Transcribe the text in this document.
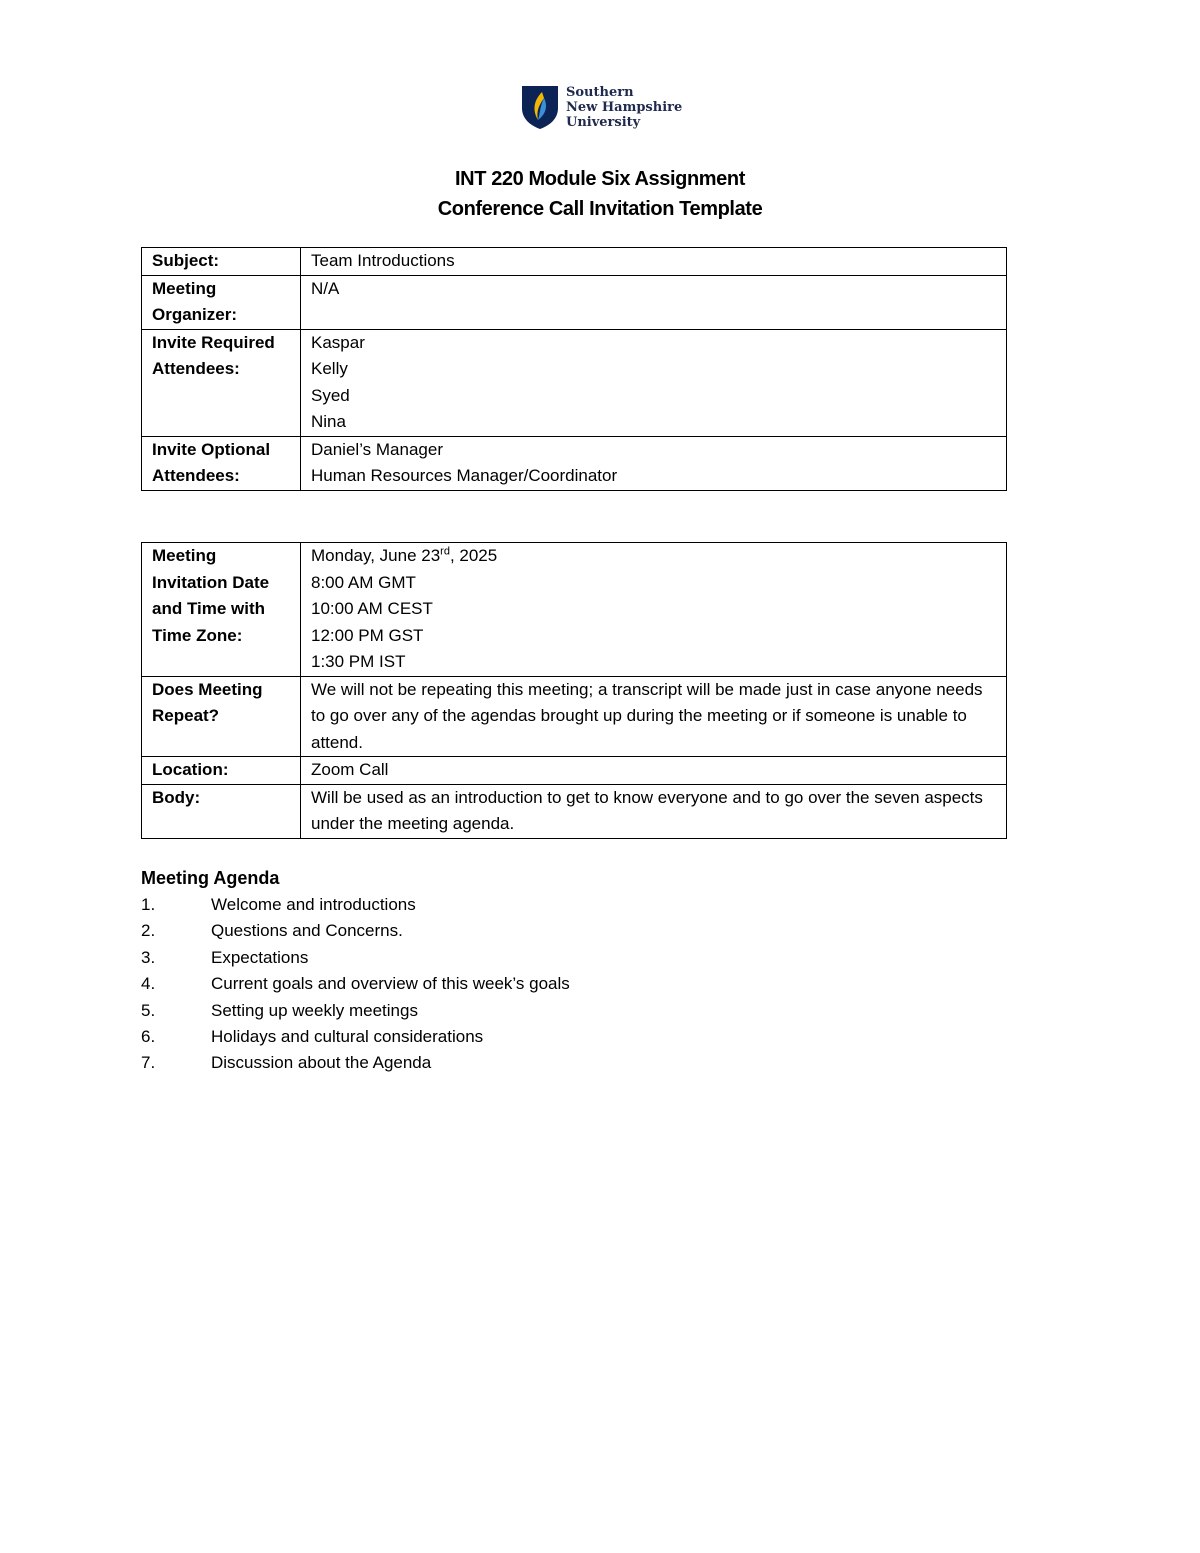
Southern
New Hampshire
University
INT 220 Module Six Assignment
Conference Call Invitation Template
Subject:	Team Introductions

Meeting Organizer:	N/A

Invite Required Attendees:	Kaspar
Kelly
Syed
Nina

Invite Optional Attendees:	Daniel’s Manager
Human Resources Manager/Coordinator
Meeting Invitation Date and Time with Time Zone:	Monday, June 23rd, 2025
8:00 AM GMT
10:00 AM CEST
12:00 PM GST
1:30 PM IST

Does Meeting Repeat?	We will not be repeating this meeting; a transcript will be made just in case anyone needs to go over any of the agendas brought up during the meeting or if someone is unable to attend.
Location:	Zoom Call
Body:	Will be used as an introduction to get to know everyone and to go over the seven aspects under the meeting agenda.
Meeting Agenda
1.	Welcome and introductions
2.	Questions and Concerns.
3.	Expectations
4.	Current goals and overview of this week’s goals
5.	Setting up weekly meetings
6.	Holidays and cultural considerations
7.	Discussion about the Agenda
